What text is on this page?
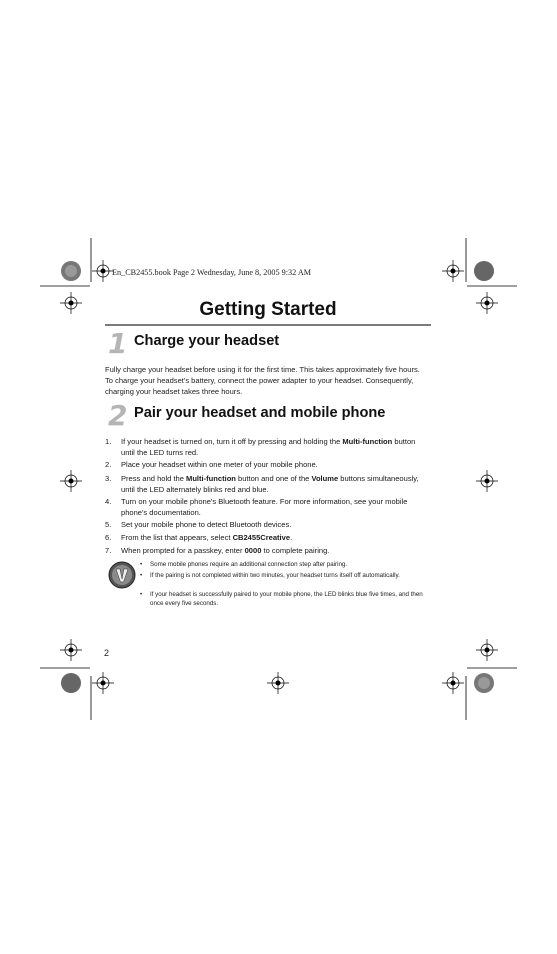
En_CB2455.book Page 2 Wednesday, June 8, 2005 9:32 AM
Getting Started
1 Charge your headset
Fully charge your headset before using it for the first time. This takes approximately five hours. To charge your headset's battery, connect the power adapter to your headset. Consequently, charging your headset takes three hours.
2 Pair your headset and mobile phone
1. If your headset is turned on, turn it off by pressing and holding the Multi-function button until the LED turns red.
2. Place your headset within one meter of your mobile phone.
3. Press and hold the Multi-function button and one of the Volume buttons simultaneously, until the LED alternately blinks red and blue.
4. Turn on your mobile phone's Bluetooth feature. For more information, see your mobile phone's documentation.
5. Set your mobile phone to detect Bluetooth devices.
6. From the list that appears, select CB2455Creative.
7. When prompted for a passkey, enter 0000 to complete pairing.
• Some mobile phones require an additional connection step after pairing.
• If the pairing is not completed within two minutes, your headset turns itself off automatically.
• If your headset is successfully paired to your mobile phone, the LED blinks blue five times, and then once every five seconds.
2
